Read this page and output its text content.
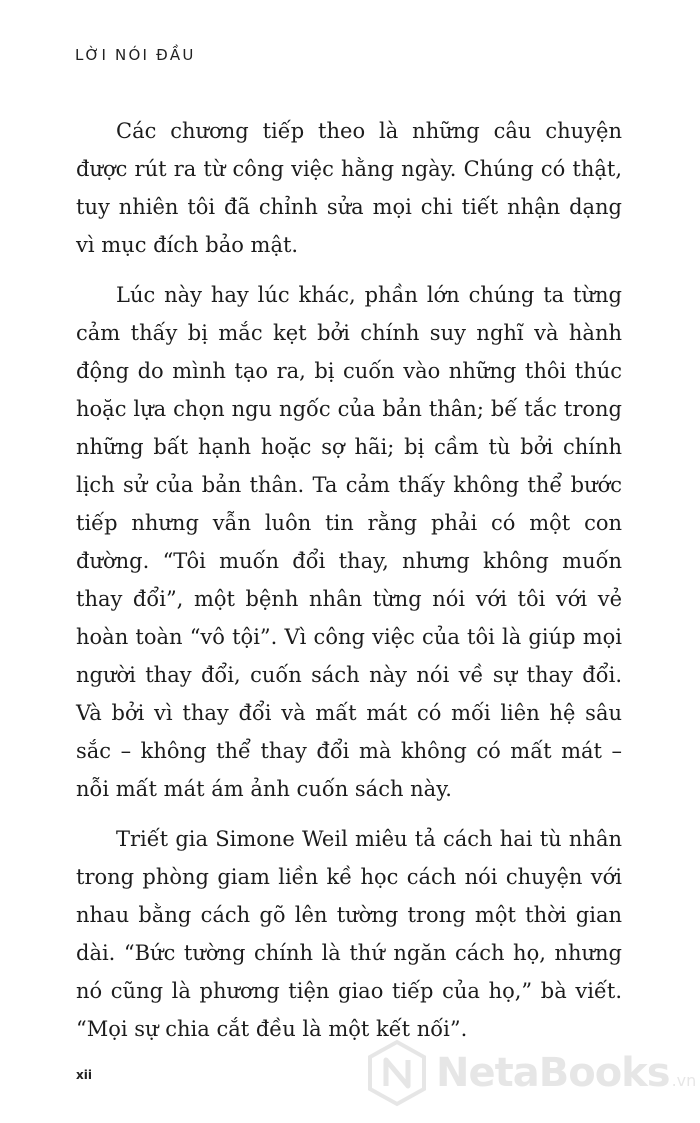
LỜI NÓI ĐẦU

Các chương tiếp theo là những câu chuyện được rút ra từ công việc hằng ngày. Chúng có thật, tuy nhiên tôi đã chỉnh sửa mọi chi tiết nhận dạng vì mục đích bảo mật.

Lúc này hay lúc khác, phần lớn chúng ta từng cảm thấy bị mắc kẹt bởi chính suy nghĩ và hành động do mình tạo ra, bị cuốn vào những thôi thúc hoặc lựa chọn ngu ngốc của bản thân; bế tắc trong những bất hạnh hoặc sợ hãi; bị cầm tù bởi chính lịch sử của bản thân. Ta cảm thấy không thể bước tiếp nhưng vẫn luôn tin rằng phải có một con đường. “Tôi muốn đổi thay, nhưng không muốn thay đổi”, một bệnh nhân từng nói với tôi với vẻ hoàn toàn “vô tội”. Vì công việc của tôi là giúp mọi người thay đổi, cuốn sách này nói về sự thay đổi. Và bởi vì thay đổi và mất mát có mối liên hệ sâu sắc – không thể thay đổi mà không có mất mát – nỗi mất mát ám ảnh cuốn sách này.

Triết gia Simone Weil miêu tả cách hai tù nhân trong phòng giam liền kề học cách nói chuyện với nhau bằng cách gõ lên tường trong một thời gian dài. “Bức tường chính là thứ ngăn cách họ, nhưng nó cũng là phương tiện giao tiếp của họ,” bà viết. “Mọi sự chia cắt đều là một kết nối”.

xii	NetaBooks .vn
